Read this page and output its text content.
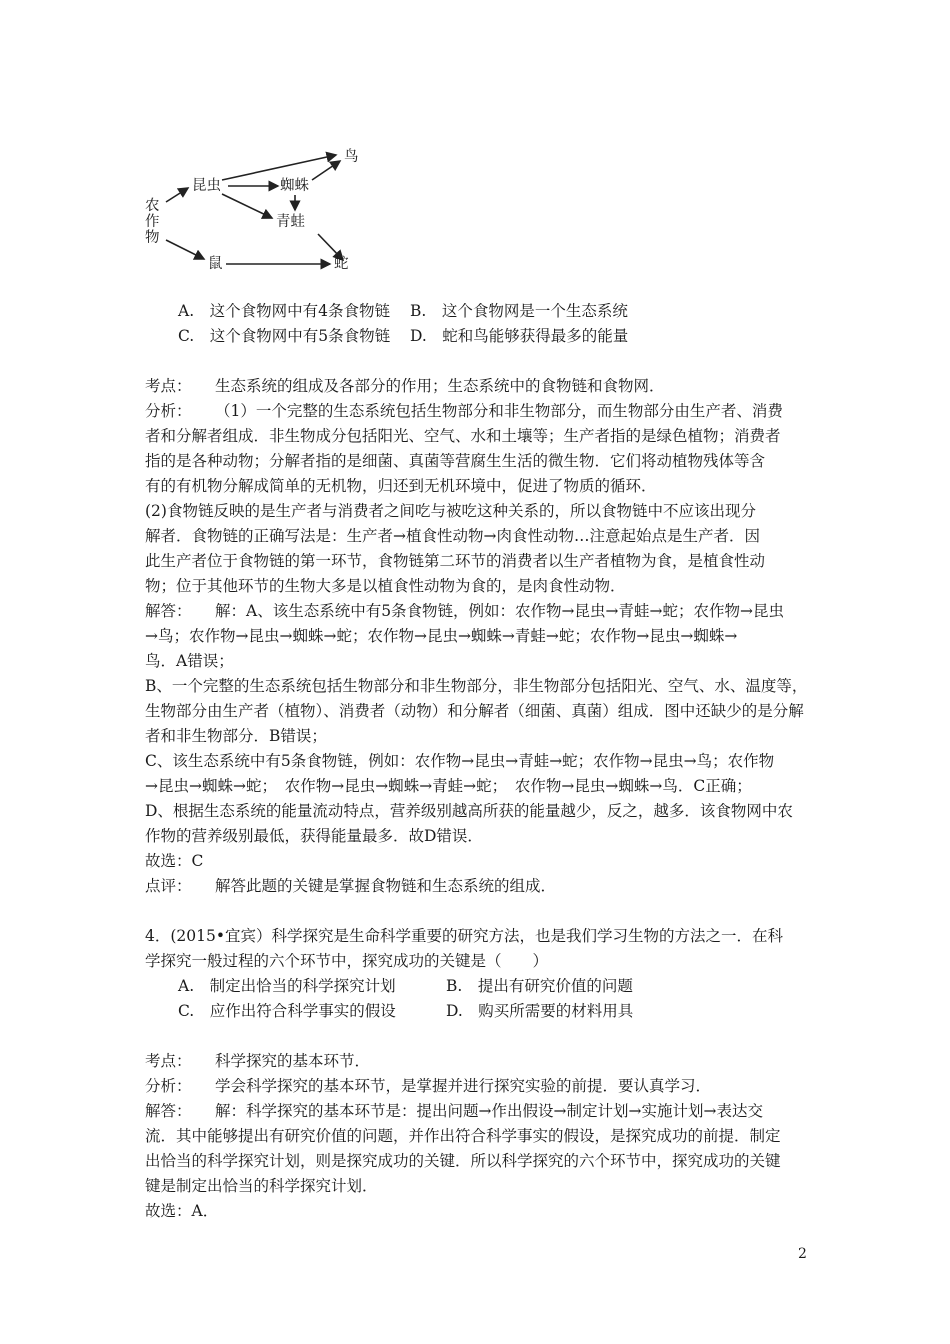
农作物
昆虫
鸟
蜘蛛
青蛙
鼠	蛇
A.　这个食物网中有4条食物链 B.　这个食物网是一个生态系统
C.　这个食物网中有5条食物链 D.　蛇和鸟能够获得最多的能量
考点： 生态系统的组成及各部分的作用；生态系统中的食物链和食物网．
分析： （1）一个完整的生态系统包括生物部分和非生物部分，而生物部分由生产者、消费
者和分解者组成．非生物成分包括阳光、空气、水和土壤等；生产者指的是绿色植物；消费者
指的是各种动物；分解者指的是细菌、真菌等营腐生生活的微生物．它们将动植物残体等含
有的有机物分解成简单的无机物，归还到无机环境中，促进了物质的循环．
(2)食物链反映的是生产者与消费者之间吃与被吃这种关系的，所以食物链中不应该出现分
解者．食物链的正确写法是：生产者→植食性动物→肉食性动物…注意起始点是生产者．因
此生产者位于食物链的第一环节，食物链第二环节的消费者以生产者植物为食，是植食性动
物；位于其他环节的生物大多是以植食性动物为食的，是肉食性动物．
解答： 解：A、该生态系统中有5条食物链，例如：农作物→昆虫→青蛙→蛇；农作物→昆虫
→鸟；农作物→昆虫→蜘蛛→蛇；农作物→昆虫→蜘蛛→青蛙→蛇；农作物→昆虫→蜘蛛→
鸟．A错误；
B、一个完整的生态系统包括生物部分和非生物部分，非生物部分包括阳光、空气、水、温度等，
生物部分由生产者（植物）、消费者（动物）和分解者（细菌、真菌）组成．图中还缺少的是分解
者和非生物部分．B错误；
C、该生态系统中有5条食物链，例如：农作物→昆虫→青蛙→蛇；农作物→昆虫→鸟；农作物
→昆虫→蜘蛛→蛇；　农作物→昆虫→蜘蛛→青蛙→蛇；　农作物→昆虫→蜘蛛→鸟．C正确；
D、根据生态系统的能量流动特点，营养级别越高所获的能量越少，反之，越多．该食物网中农
作物的营养级别最低，获得能量最多．故D错误．
故选：C
点评： 解答此题的关键是掌握食物链和生态系统的组成．
4．(2015•宜宾）科学探究是生命科学重要的研究方法，也是我们学习生物的方法之一．在科
学探究一般过程的六个环节中，探究成功的关键是（　　）
A.　制定出恰当的科学探究计划	B.　提出有研究价值的问题
C.　应作出符合科学事实的假设	D.　购买所需要的材料用具
考点： 科学探究的基本环节．
分析： 学会科学探究的基本环节，是掌握并进行探究实验的前提．要认真学习．
解答： 解：科学探究的基本环节是：提出问题→作出假设→制定计划→实施计划→表达交
流．其中能够提出有研究价值的问题，并作出符合科学事实的假设，是探究成功的前提．制定
出恰当的科学探究计划，则是探究成功的关键．所以科学探究的六个环节中，探究成功的关键
键是制定出恰当的科学探究计划．
故选：A．
2
